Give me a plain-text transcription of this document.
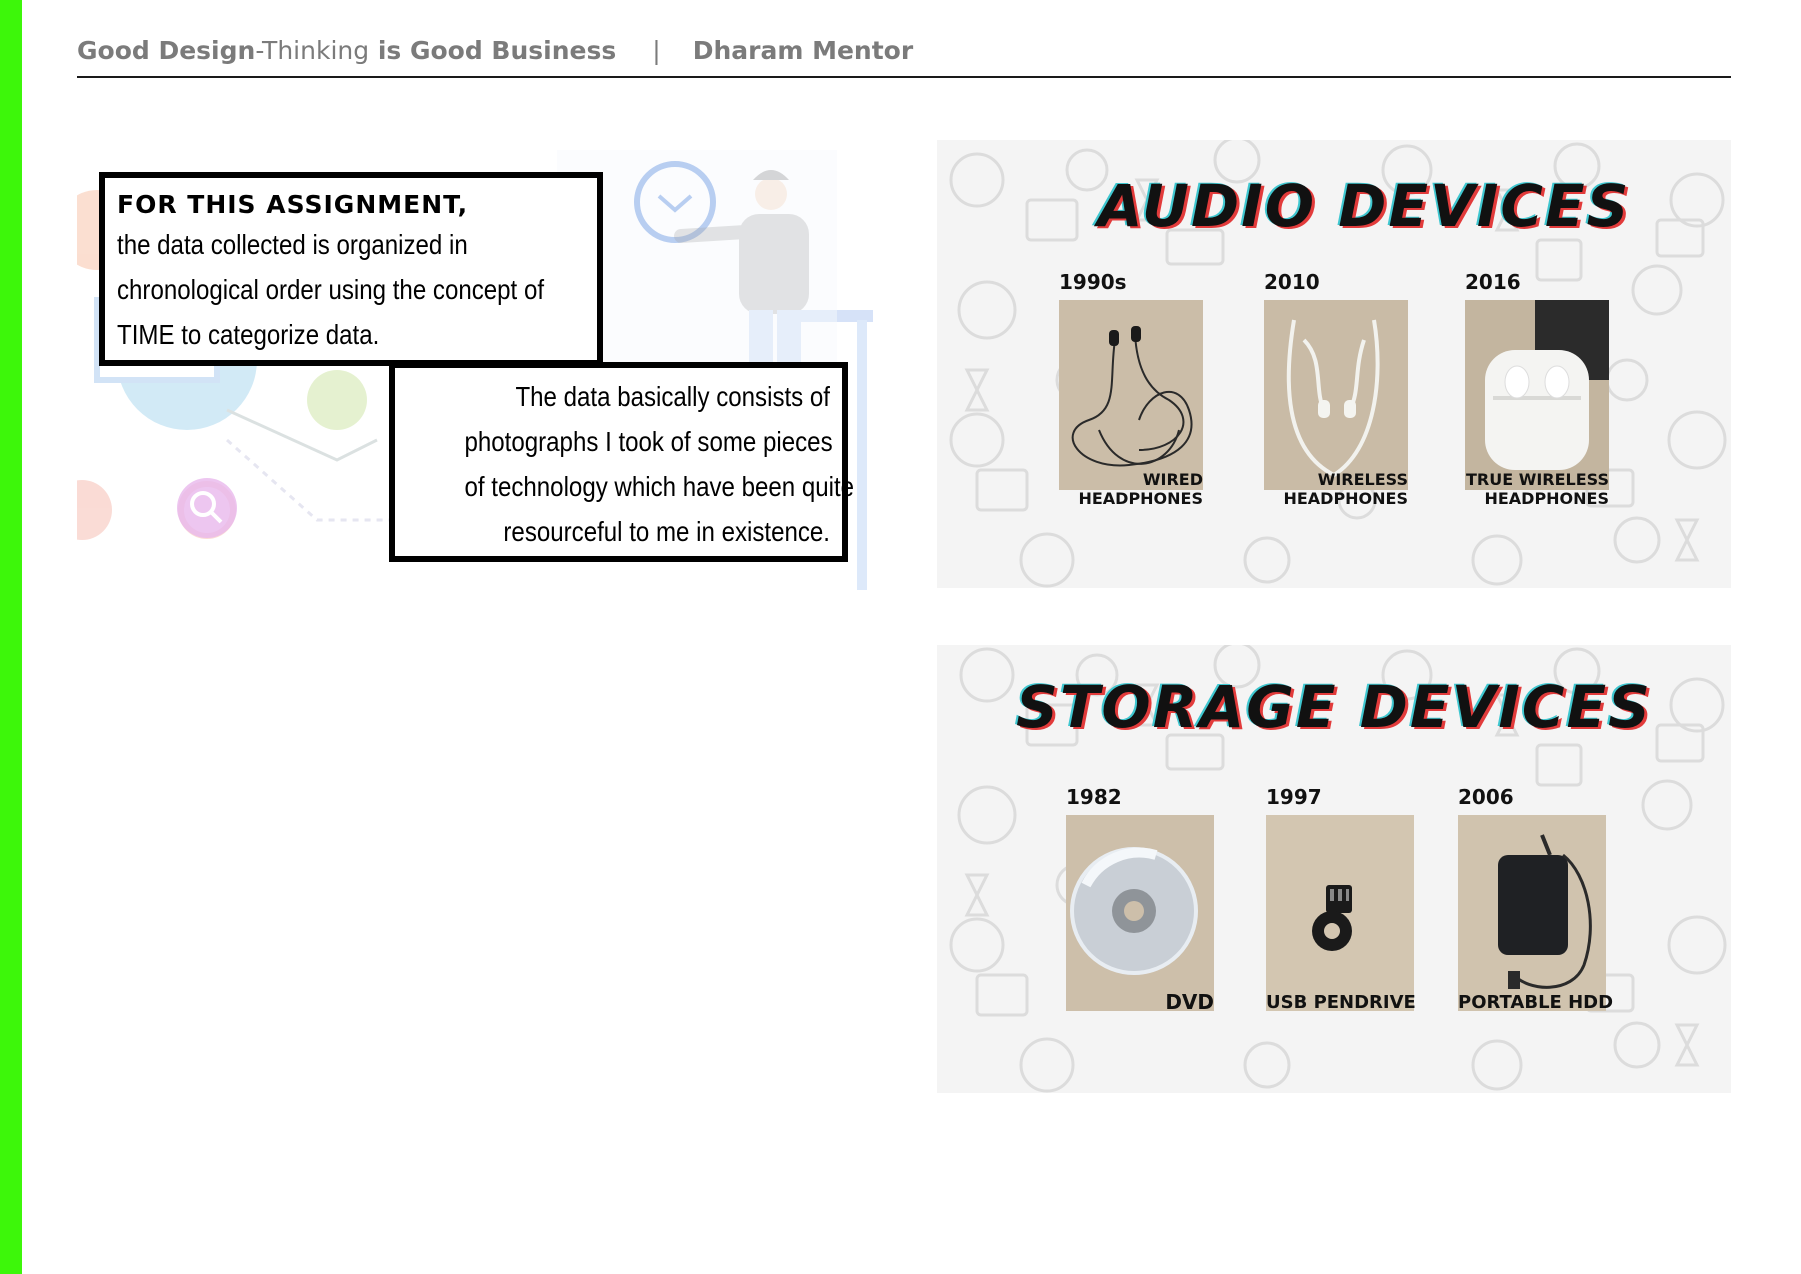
Good Design-Thinking is Good Business | Dharam Mentor
FOR THIS ASSIGNMENT,
the data collected is organized in
chronological order using the concept of
TIME to categorize data.
The data basically consists of
photographs I took of some pieces
of technology which have been quite
resourceful to me in existence.
AUDIO DEVICES
1990s
WIRED
HEADPHONES
2010
WIRELESS
HEADPHONES
2016
TRUE WIRELESS
HEADPHONES
STORAGE DEVICES
1982
DVD
1997
USB PENDRIVE
2006
PORTABLE HDD
